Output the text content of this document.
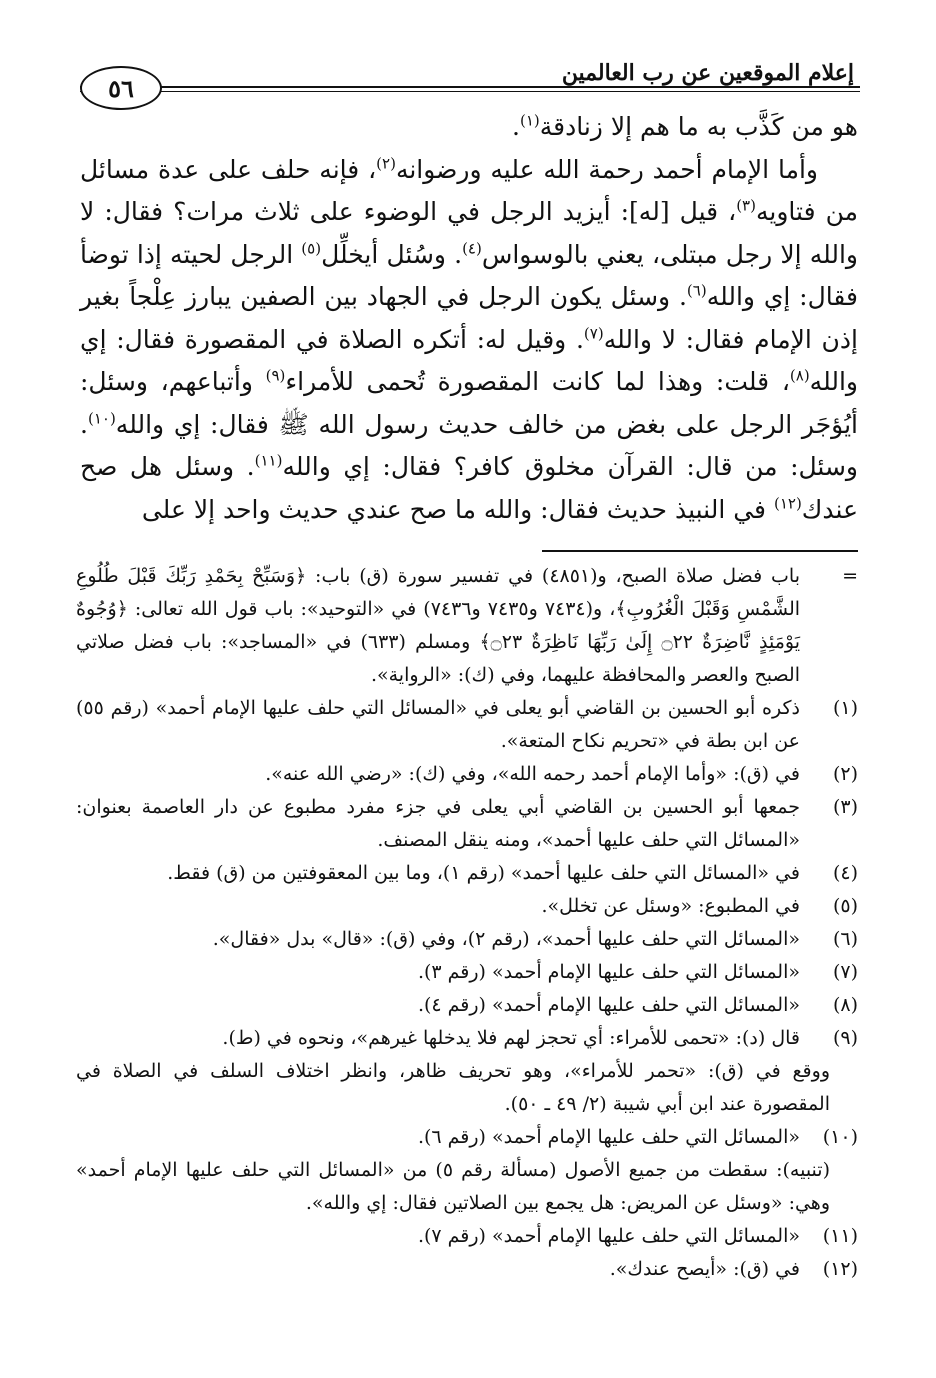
إعلام الموقعين عن رب العالمين
٥٦

هو من كَذَّب به ما هم إلا زنادقة$^{(١)}$.

وأما الإمام أحمد رحمة الله عليه ورضوانه$^{(٢)}$، فإنه حلف على عدة مسائل من فتاويه$^{(٣)}$، قيل [له]: أيزيد الرجل في الوضوء على ثلاث مرات؟ فقال: لا والله إلا رجل مبتلى، يعني بالوسواس$^{(٤)}$. وسُئل أيخلِّل$^{(٥)}$ الرجل لحيته إذا توضأ فقال: إي والله$^{(٦)}$. وسئل يكون الرجل في الجهاد بين الصفين يبارز عِلْجاً بغير إذن الإمام فقال: لا والله$^{(٧)}$. وقيل له: أتكره الصلاة في المقصورة فقال: إي والله$^{(٨)}$، قلت: وهذا لما كانت المقصورة تُحمى للأمراء$^{(٩)}$ وأتباعهم، وسئل: أيُؤجَر الرجل على بغض من خالف حديث رسول الله ﷺ فقال: إي والله$^{(١٠)}$. وسئل: من قال: القرآن مخلوق كافر؟ فقال: إي والله$^{(١١)}$. وسئل هل صح عندك$^{(١٢)}$ في النبيذ حديث فقال: والله ما صح عندي حديث واحد إلا على

=
باب فضل صلاة الصبح، و(٤٨٥١) في تفسير سورة (ق) باب: ﴿وَسَبِّحْ بِحَمْدِ رَبِّكَ قَبْلَ طُلُوعِ الشَّمْسِ وَقَبْلَ الْغُرُوبِ﴾، و(٧٤٣٤ و٧٤٣٥ و٧٤٣٦) في «التوحيد»: باب قول الله تعالى: ﴿وُجُوهٌ يَوْمَئِذٍ نَّاضِرَةٌ ۝٢٢ إِلَىٰ رَبِّهَا نَاظِرَةٌ ۝٢٣﴾ ومسلم (٦٣٣) في «المساجد»: باب فضل صلاتي الصبح والعصر والمحافظة عليهما، وفي (ك): «الرواية».
(١)
ذكره أبو الحسين بن القاضي أبو يعلى في «المسائل التي حلف عليها الإمام أحمد» (رقم ٥٥) عن ابن بطة في «تحريم نكاح المتعة».
(٢)
في (ق): «وأما الإمام أحمد رحمه الله»، وفي (ك): «رضي الله عنه».
(٣)
جمعها أبو الحسين بن القاضي أبي يعلى في جزء مفرد مطبوع عن دار العاصمة بعنوان: «المسائل التي حلف عليها أحمد»، ومنه ينقل المصنف.
(٤)
في «المسائل التي حلف عليها أحمد» (رقم ١)، وما بين المعقوفتين من (ق) فقط.
(٥)
في المطبوع: «وسئل عن تخلل».
(٦)
«المسائل التي حلف عليها أحمد»، (رقم ٢)، وفي (ق): «قال» بدل «فقال».
(٧)
«المسائل التي حلف عليها الإمام أحمد» (رقم ٣).
(٨)
«المسائل التي حلف عليها الإمام أحمد» (رقم ٤).
(٩)
قال (د): «تحمى للأمراء: أي تحجز لهم فلا يدخلها غيرهم»، ونحوه في (ط).
ووقع في (ق): «تحمر للأمراء»، وهو تحريف ظاهر، وانظر اختلاف السلف في الصلاة في المقصورة عند ابن أبي شيبة (٢/ ٤٩ ـ ٥٠).
(١٠)
«المسائل التي حلف عليها الإمام أحمد» (رقم ٦).
(تنبيه): سقطت من جميع الأصول (مسألة رقم ٥) من «المسائل التي حلف عليها الإمام أحمد» وهي: «وسئل عن المريض: هل يجمع بين الصلاتين فقال: إي والله».
(١١)
«المسائل التي حلف عليها الإمام أحمد» (رقم ٧).
(١٢)
في (ق): «أيصح عندك».
